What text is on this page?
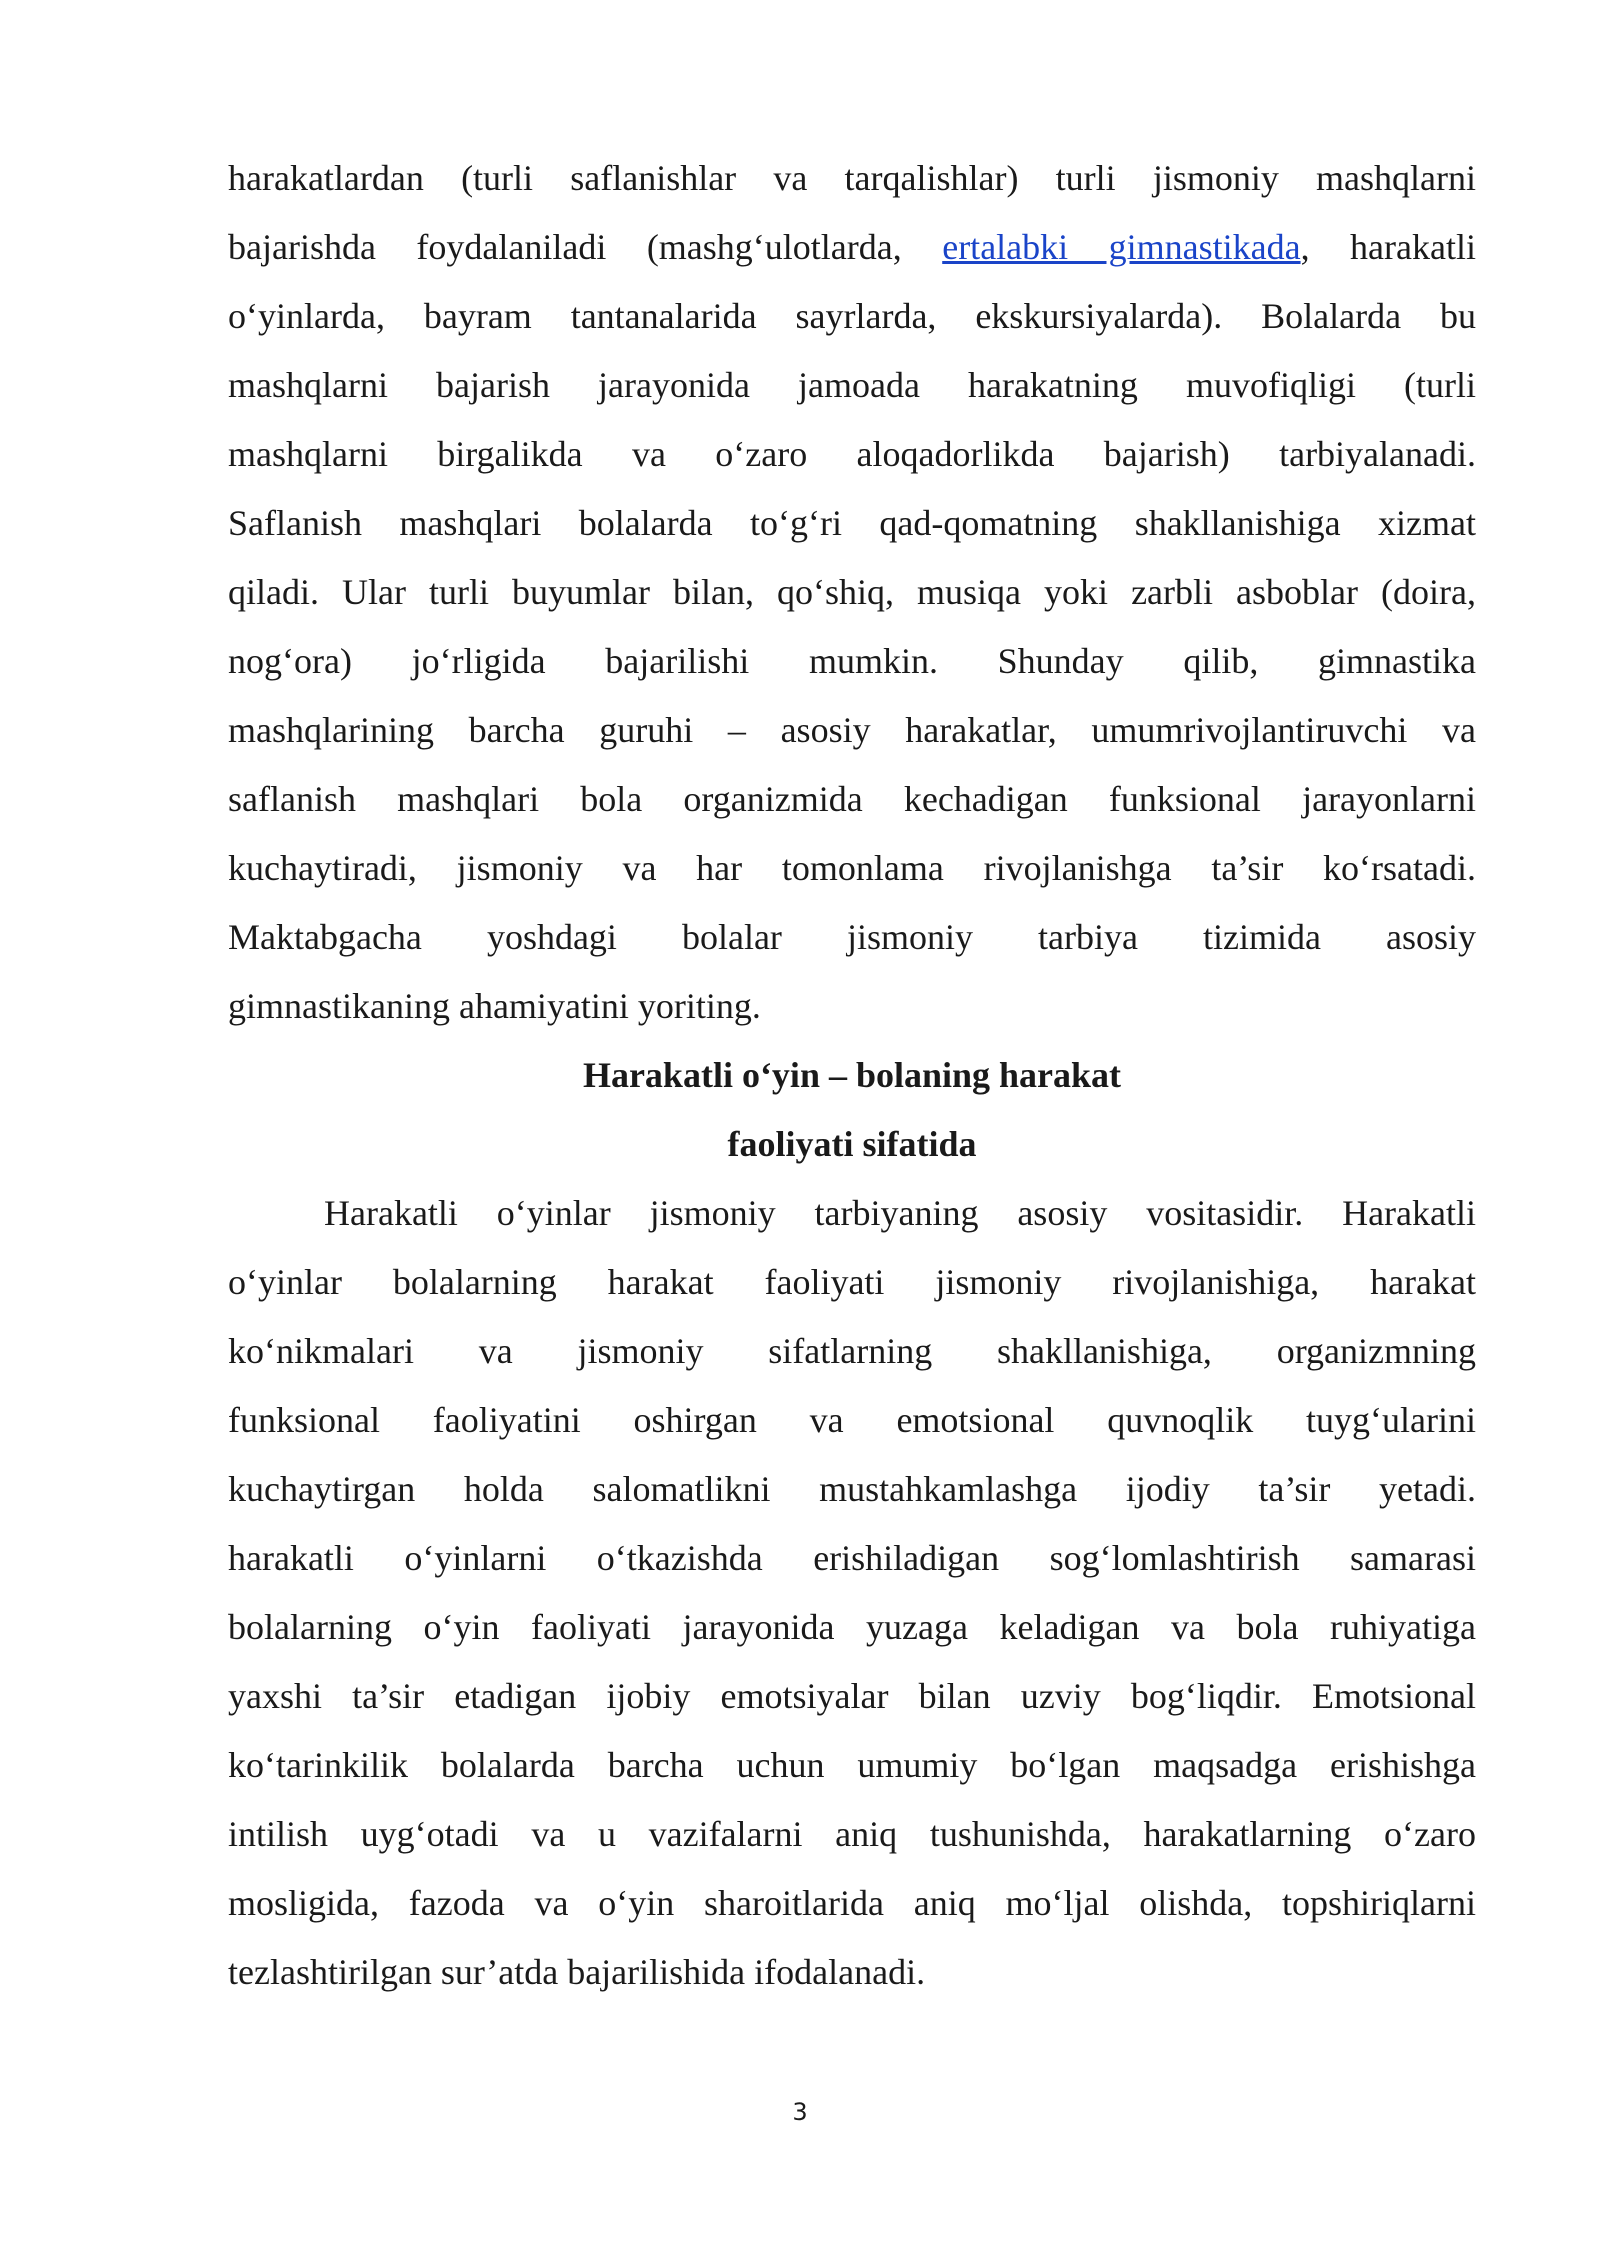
harakatlardan (turli saflanishlar va tarqalishlar) turli jismoniy mashqlarni
bajarishda foydalaniladi (mashg‘ulotlarda, ertalabki gimnastikada, harakatli
o‘yinlarda, bayram tantanalarida sayrlarda, ekskursiyalarda). Bolalarda bu
mashqlarni bajarish jarayonida jamoada harakatning muvofiqligi (turli
mashqlarni birgalikda va o‘zaro aloqadorlikda bajarish) tarbiyalanadi.
Saflanish mashqlari bolalarda to‘g‘ri qad-qomatning shakllanishiga xizmat
qiladi. Ular turli buyumlar bilan, qo‘shiq, musiqa yoki zarbli asboblar (doira,
nog‘ora) jo‘rligida bajarilishi mumkin. Shunday qilib, gimnastika
mashqlarining barcha guruhi – asosiy harakatlar, umumrivojlantiruvchi va
saflanish mashqlari bola organizmida kechadigan funksional jarayonlarni
kuchaytiradi, jismoniy va har tomonlama rivojlanishga ta’sir ko‘rsatadi.
Maktabgacha yoshdagi bolalar jismoniy tarbiya tizimida asosiy
gimnastikaning ahamiyatini yoriting.
Harakatli o‘yin – bolaning harakat
faoliyati sifatida
Harakatli o‘yinlar jismoniy tarbiyaning asosiy vositasidir. Harakatli
o‘yinlar bolalarning harakat faoliyati jismoniy rivojlanishiga, harakat
ko‘nikmalari va jismoniy sifatlarning shakllanishiga, organizmning
funksional faoliyatini oshirgan va emotsional quvnoqlik tuyg‘ularini
kuchaytirgan holda salomatlikni mustahkamlashga ijodiy ta’sir yetadi.
harakatli o‘yinlarni o‘tkazishda erishiladigan sog‘lomlashtirish samarasi
bolalarning o‘yin faoliyati jarayonida yuzaga keladigan va bola ruhiyatiga
yaxshi ta’sir etadigan ijobiy emotsiyalar bilan uzviy bog‘liqdir. Emotsional
ko‘tarinkilik bolalarda barcha uchun umumiy bo‘lgan maqsadga erishishga
intilish uyg‘otadi va u vazifalarni aniq tushunishda, harakatlarning o‘zaro
mosligida, fazoda va o‘yin sharoitlarida aniq mo‘ljal olishda, topshiriqlarni
tezlashtirilgan sur’atda bajarilishida ifodalanadi.
3
